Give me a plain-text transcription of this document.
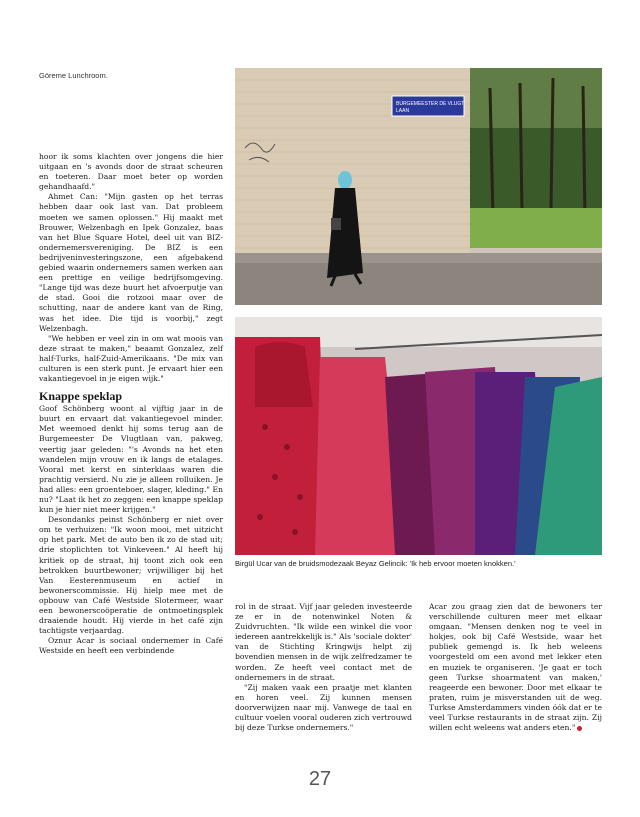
Göreme Lunchroom.

hoor ik soms klachten over jongens die hier uitgaan en 's avonds door de straat scheuren en toeteren. Daar moet beter op worden gehandhaafd."

Ahmet Can: "Mijn gasten op het terras hebben daar ook last van. Dat probleem moeten we samen oplossen." Hij maakt met Brouwer, Welzenbagh en Ipek Gonzalez, baas van het Blue Square Hotel, deel uit van BIZ-ondernemersvereniging. De BIZ is een bedrijveninvesteringszone, een afgebakend gebied waarin ondernemers samen werken aan een prettige en veilige bedrijfsomgeving. "Lange tijd was deze buurt het afvoerputje van de stad. Gooi die rotzooi maar over de schutting, naar de andere kant van de Ring, was het idee. Die tijd is voorbij," zegt Welzenbagh.

"We hebben er veel zin in om wat moois van deze straat te maken," beaamt Gonzalez, zelf half-Turks, half-Zuid-Amerikaans. "De mix van culturen is een sterk punt. Je ervaart hier een vakantiegevoel in je eigen wijk."

Knappe speklap

Goof Schönberg woont al vijftig jaar in de buurt en ervaart dat vakantiegevoel minder. Met weemoed denkt hij soms terug aan de Burgemeester De Vlugtlaan van, pakweg, veertig jaar geleden: "'s Avonds na het eten wandelen mijn vrouw en ik langs de etalages. Vooral met kerst en sinterklaas waren die prachtig versierd. Nu zie je alleen rolluiken. Je had alles: een groenteboer, slager, kleding." En nu? "Laat ik het zo zeggen: een knappe speklap kun je hier niet meer krijgen."

Desondanks peinst Schönberg er niet over om te verhuizen: "Ik woon mooi, met uitzicht op het park. Met de auto ben ik zo de stad uit; drie stoplichten tot Vinkeveen." Al heeft hij kritiek op de straat, hij toont zich ook een betrokken buurtbewoner; vrijwilliger bij het Van Eesterenmuseum en actief in bewonerscommissie. Hij hielp mee met de opbouw van Café Westside Slotermeer, waar een bewonerscoöperatie de ontmoetingsplek draaiende houdt. Hij vierde in het café zijn tachtigste verjaardag.

Oznur Acar is sociaal ondernemer in Café Westside en heeft een verbindende

BURGEMEESTER DE VLUGT
LAAN
Birgül Ucar van de bruidsmodezaak Beyaz Gelincik: 'Ik heb ervoor moeten knokken.'

rol in de straat. Vijf jaar geleden investeerde ze er in de notenwinkel Noten & Zuidvruchten. "Ik wilde een winkel die voor iedereen aantrekkelijk is." Als 'sociale dokter' van de Stichting Kringwijs helpt zij bovendien mensen in de wijk zelfredzamer te worden. Ze heeft veel contact met de ondernemers in de straat.

"Zij maken vaak een praatje met klanten en horen veel. Zij kunnen mensen doorverwijzen naar mij. Vanwege de taal en cultuur voelen vooral ouderen zich vertrouwd bij deze Turkse ondernemers."

Acar zou graag zien dat de bewoners ter verschillende culturen meer met elkaar omgaan. "Mensen denken nog te veel in hokjes, ook bij Café Westside, waar het publiek gemengd is. Ik heb weleens voorgesteld om een avond met lekker eten en muziek te organiseren. 'Je gaat er toch geen Turkse shoarmatent van maken,' reageerde een bewoner. Door met elkaar te praten, ruim je misverstanden uit de weg. Turkse Amsterdammers vinden óók dat er te veel Turkse restaurants in de straat zijn. Zij willen echt weleens wat anders eten."

27
